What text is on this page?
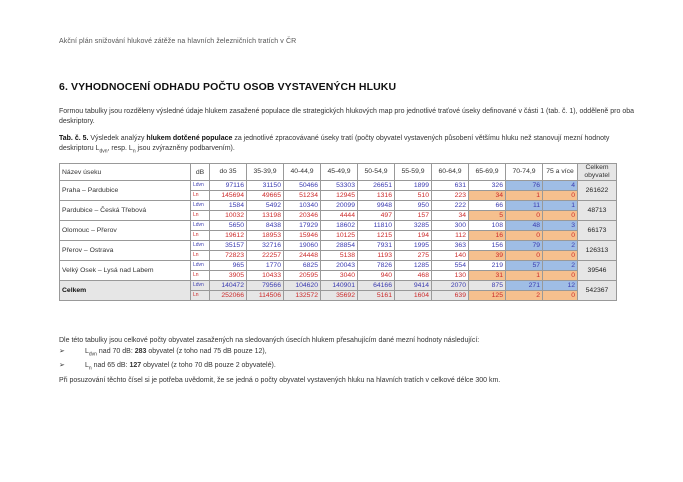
Akční plán snižování hlukové zátěže na hlavních železničních tratích v ČR
6. VYHODNOCENÍ ODHADU POČTU OSOB VYSTAVENÝCH HLUKU
Formou tabulky jsou rozděleny výsledné údaje hlukem zasažené populace dle strategických hlukových map pro jednotlivé traťové úseky definované v části 1 (tab. č. 1), odděleně pro oba deskriptory.
Tab. č. 5. Výsledek analýzy hlukem dotčené populace za jednotlivé zpracovávané úseky tratí (počty obyvatel vystavených působení většímu hluku než stanovují mezní hodnoty deskriptoru $L_{dvn}$, resp. $L_n$ jsou zvýrazněny podbarvením).
Název úseku	dB	do 35	35-39,9	40-44,9	45-49,9	50-54,9	55-59,9	60-64,9	65-69,9	70-74,9	75 a více	Celkem obyvatel
Praha – Pardubice	Ldvn	97116	31150	50466	53303	26651	1899	631	326	76	4	261622
	Ln	145694	49665	51234	12945	1316	510	223	34	1	0	
Pardubice – Česká Třebová	Ldvn	1584	5492	10340	20099	9948	950	222	66	11	1	48713
	Ln	10032	13198	20346	4444	497	157	34	5	0	0	
Olomouc – Přerov	Ldvn	5650	8438	17929	18602	11810	3285	300	108	48	3	66173
	Ln	19612	18953	15946	10125	1215	194	112	16	0	0	
Přerov – Ostrava	Ldvn	35157	32716	19060	28854	7931	1995	363	156	79	2	126313
	Ln	72823	22257	24448	5138	1193	275	140	39	0	0	
Velký Osek – Lysá nad Labem	Ldvn	965	1770	6825	20043	7826	1285	554	219	57	2	39546
	Ln	3905	10433	20595	3040	940	468	130	31	1	0	
Celkem	Ldvn	140472	79566	104620	140901	64166	9414	2070	875	271	12	542367
	Ln	252066	114506	132572	35692	5161	1604	639	125	2	0	
Dle této tabulky jsou celkové počty obyvatel zasažených na sledovaných úsecích hlukem přesahujícím dané mezní hodnoty následující:
➢	$L_{dvn}$ nad 70 dB: 283 obyvatel (z toho nad 75 dB pouze 12),
➢	$L_n$ nad 65 dB: 127 obyvatel (z toho 70 dB pouze 2 obyvatelé).
Při posuzování těchto čísel si je potřeba uvědomit, že se jedná o počty obyvatel vystavených hluku na hlavních tratích v celkové délce 300 km.
